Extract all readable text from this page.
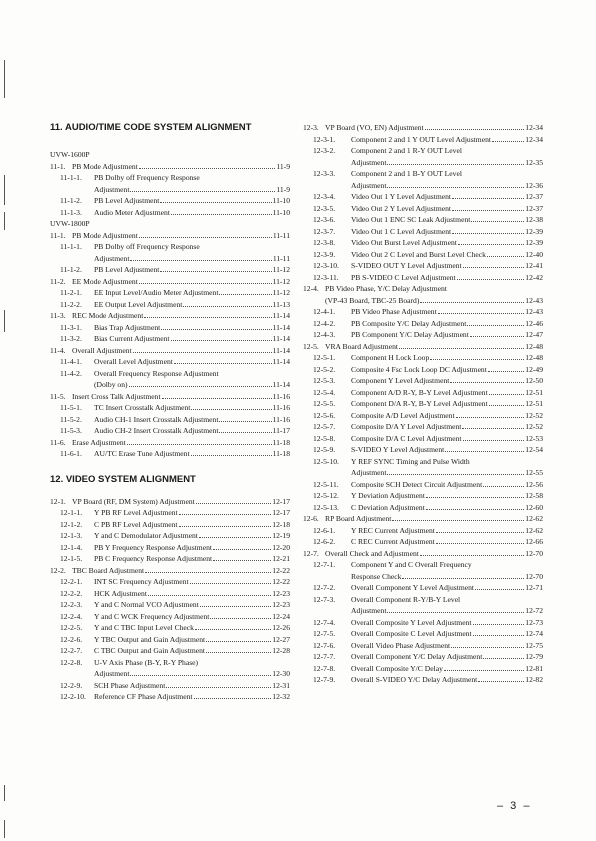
11. AUDIO/TIME CODE SYSTEM ALIGNMENT
UVW-1600P
11-1. PB Mode Adjustment	11-9
11-1-1.	PB Dolby off Frequency Response
Adjustment	11-9
11-1-2.	PB Level Adjustment	11-10
11-1-3.	Audio Meter Adjustment	11-10
UVW-1800P
11-1. PB Mode Adjustment	11-11
11-1-1.	PB Dolby off Frequency Response
Adjustment	11-11
11-1-2.	PB Level Adjustment	11-12
11-2. EE Mode Adjustment	11-12
11-2-1.	EE Input Level/Audio Meter Adjustment	11-12
11-2-2.	EE Output Level Adjustment	11-13
11-3. REC Mode Adjustment	11-14
11-3-1.	Bias Trap Adjustment	11-14
11-3-2.	Bias Current Adjustment	11-14
11-4. Overall Adjustment	11-14
11-4-1.	Overall Level Adjustment	11-14
11-4-2.	Overall Frequency Response Adjustment
(Dolby on)	11-14
11-5. Insert Cross Talk Adjustment	11-16
11-5-1.	TC Insert Crosstalk Adjustment	11-16
11-5-2.	Audio CH-1 Insert Crosstalk Adjustment	11-16
11-5-3.	Audio CH-2 Insert Crosstalk Adjustment	11-17
11-6. Erase Adjustment	11-18
11-6-1.	AU/TC Erase Tune Adjustment	11-18
12. VIDEO SYSTEM ALIGNMENT
12-1. VP Board (RF, DM System) Adjustment	12-17
12-1-1.	Y PB RF Level Adjustment	12-17
12-1-2.	C PB RF Level Adjustment	12-18
12-1-3.	Y and C Demodulator Adjustment	12-19
12-1-4.	PB Y Frequency Response Adjustment	12-20
12-1-5.	PB C Frequency Response Adjustment	12-21
12-2. TBC Board Adjustment	12-22
12-2-1.	INT SC Frequency Adjustment	12-22
12-2-2.	HCK Adjustment	12-23
12-2-3.	Y and C Normal VCO Adjustment	12-23
12-2-4.	Y and C WCK Frequency Adjustment	12-24
12-2-5.	Y and C TBC Input Level Check	12-26
12-2-6.	Y TBC Output and Gain Adjustment	12-27
12-2-7.	C TBC Output and Gain Adjustment	12-28
12-2-8.	U-V Axis Phase (B-Y, R-Y Phase)
Adjustment	12-30
12-2-9.	SCH Phase Adjustment	12-31
12-2-10.	Reference CF Phase Adjustment	12-32
12-3. VP Board (VO, EN) Adjustment	12-34
12-3-1.	Component 2 and 1 Y OUT Level Adjustment	12-34
12-3-2.	Component 2 and 1 R-Y OUT Level
Adjustment	12-35
12-3-3.	Component 2 and 1 B-Y OUT Level
Adjustment	12-36
12-3-4.	Video Out 1 Y Level Adjustment	12-37
12-3-5.	Video Out 2 Y Level Adjustment	12-37
12-3-6.	Video Out 1 ENC SC Leak Adjustment	12-38
12-3-7.	Video Out 1 C Level Adjustment	12-39
12-3-8.	Video Out Burst Level Adjustment	12-39
12-3-9.	Video Out 2 C Level and Burst Level Check	12-40
12-3-10.	S-VIDEO OUT Y Level Adjustment	12-41
12-3-11.	PB S-VIDEO C Level Adjustment	12-42
12-4. PB Video Phase, Y/C Delay Adjustment
(VP-43 Board, TBC-25 Board)	12-43
12-4-1.	PB Video Phase Adjustment	12-43
12-4-2.	PB Composite Y/C Delay Adjustment	12-46
12-4-3.	PB Component Y/C Delay Adjustment	12-47
12-5. VRA Board Adjustment	12-48
12-5-1.	Component H Lock Loop	12-48
12-5-2.	Composite 4 Fsc Lock Loop DC Adjustment	12-49
12-5-3.	Component Y Level Adjustment	12-50
12-5-4.	Component A/D R-Y, B-Y Level Adjustment	12-51
12-5-5.	Component D/A R-Y, B-Y Level Adjustment	12-51
12-5-6.	Composite A/D Level Adjustment	12-52
12-5-7.	Composite D/A Y Level Adjustment	12-52
12-5-8.	Composite D/A C Level Adjustment	12-53
12-5-9.	S-VIDEO Y Level Adjustment	12-54
12-5-10.	Y REF SYNC Timing and Pulse Width
Adjustment	12-55
12-5-11.	Composite SCH Detect Circuit Adjustment	12-56
12-5-12.	Y Deviation Adjustment	12-58
12-5-13.	C Deviation Adjustment	12-60
12-6. RP Board Adjustment	12-62
12-6-1.	Y REC Current Adjustment	12-62
12-6-2.	C REC Current Adjustment	12-66
12-7. Overall Check and Adjustment	12-70
12-7-1.	Component Y and C Overall Frequency
Response Check	12-70
12-7-2.	Overall Component Y Level Adjustment	12-71
12-7-3.	Overall Component R-Y/B-Y Level
Adjustment	12-72
12-7-4.	Overall Composite Y Level Adjustment	12-73
12-7-5.	Overall Composite C Level Adjustment	12-74
12-7-6.	Overall Video Phase Adjustment	12-75
12-7-7.	Overall Component Y/C Delay Adjustment	12-79
12-7-8.	Overall Composite Y/C Delay	12-81
12-7-9.	Overall S-VIDEO Y/C Delay Adjustment	12-82
– 3 –
